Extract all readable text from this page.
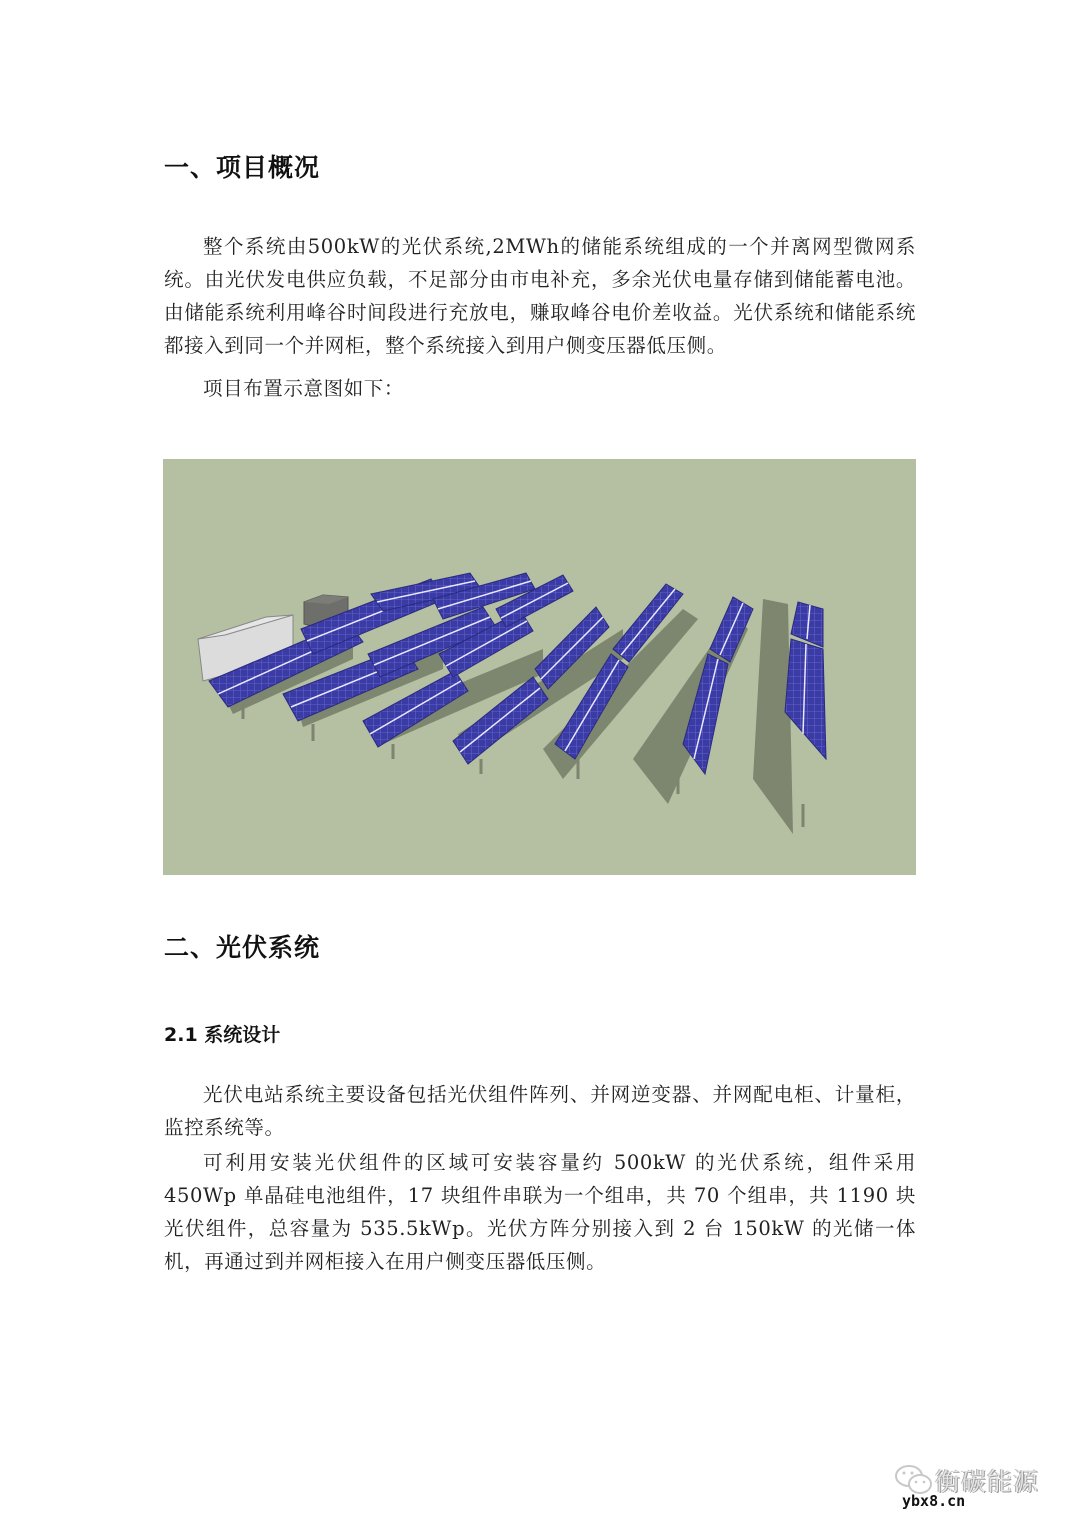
一、项目概况

整个系统由500kW的光伏系统,2MWh的储能系统组成的一个并离网型微网系统。由光伏发电供应负载，不足部分由市电补充，多余光伏电量存储到储能蓄电池。由储能系统利用峰谷时间段进行充放电，赚取峰谷电价差收益。光伏系统和储能系统都接入到同一个并网柜，整个系统接入到用户侧变压器低压侧。

项目布置示意图如下：

二、光伏系统
2.1 系统设计

光伏电站系统主要设备包括光伏组件阵列、并网逆变器、并网配电柜、计量柜，监控系统等。

可利用安装光伏组件的区域可安装容量约 500kW 的光伏系统，组件采用 450Wp 单晶硅电池组件，17 块组件串联为一个组串，共 70 个组串，共 1190 块光伏组件，总容量为 535.5kWp。光伏方阵分别接入到 2 台 150kW 的光储一体机，再通过到并网柜接入在用户侧变压器低压侧。

衡碳能源
ybx8.cn
